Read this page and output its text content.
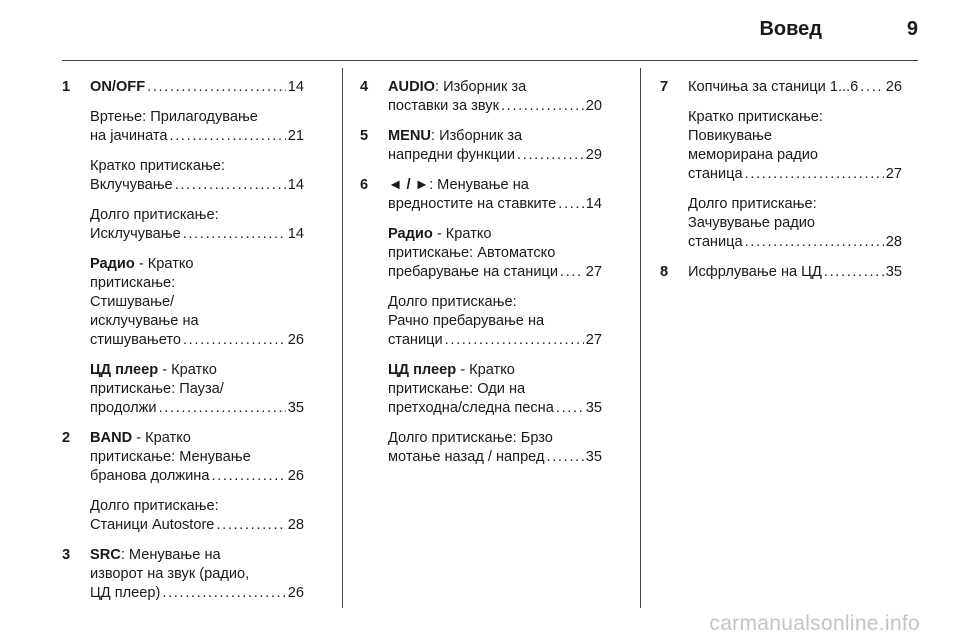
Вовед	9
1 ON/OFF . . .	14
Вртење: Прилагодување
на јачината . . .	21
Кратко притискање:
Вклучување . . .	14
Долго притискање:
Исклучување . . .	14
Радио - Кратко
притискање:
Стишување/
исклучување на
стишувањето . . .	26
ЦД плеер - Кратко
притискање: Пауза/
продолжи . . .	35
2 BAND - Кратко
притискање: Менување
бранова должина . . .	26
Долго притискање:
Станици Autostore . . .	28
3 SRC: Менување на
изворот на звук (радио,
ЦД плеер) . . .	26
4 AUDIO: Изборник за
поставки за звук . . .	20
5 MENU: Изборник за
напредни функции . . .	29
6 ◄ / ►: Менување на
вредностите на ставките . . . 14
Радио - Кратко
притискање: Автоматско
пребарување на станици . . . 27
Долго притискање:
Рачно пребарување на
станици . . .	27
ЦД плеер - Кратко
притискање: Оди на
претходна/следна песна . . . 35
Долго притискање: Брзо
мотање назад / напред . . .	35
7 Копчиња за станици 1...6 . . . 26
Кратко притискање:
Повикување
меморирана радио
станица . . .	27
Долго притискање:
Зачувување радио
станица . . .	28
8 Исфрлување на ЦД . . .	35
carmanualsonline.info
